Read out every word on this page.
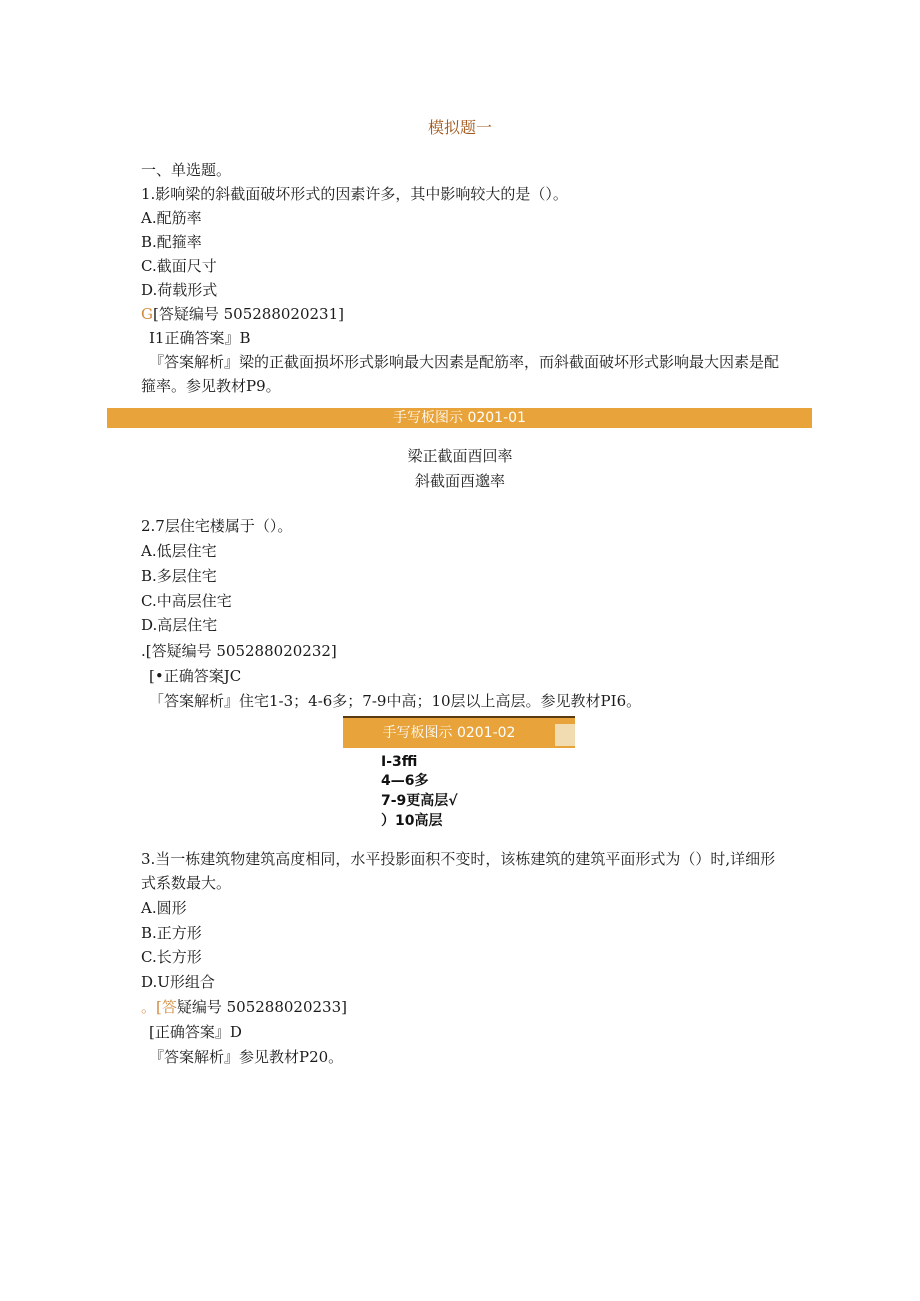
模拟题一
一、单选题。
1.影响梁的斜截面破坏形式的因素许多，其中影响较大的是（）。
A.配筋率
B.配箍率
C.截面尺寸
D.荷载形式
G[答疑编号 505288020231]
I1正确答案』B
『答案解析』梁的正截面损坏形式影响最大因素是配筋率，而斜截面破坏形式影响最大因素是配
箍率。参见教材P9。
手写板图示 0201-01
梁正截面酉回率
斜截面酉邈率
2.7层住宅楼属于（）。
A.低层住宅
B.多层住宅
C.中高层住宅
D.高层住宅
.[答疑编号 505288020232]
[•正确答案JC
「答案解析』住宅1-3；4-6多；7-9中高；10层以上高层。参见教材PI6。
手写板图示 0201-02
I-3ffi
4—6多
7-9更高层√
）10高层
3.当一栋建筑物建筑高度相同，水平投影面积不变时，该栋建筑的建筑平面形式为（）时,详细形
式系数最大。
A.圆形
B.正方形
C.长方形
D.U形组合
。[答疑编号 505288020233]
[正确答案』D
『答案解析』参见教材P20。
